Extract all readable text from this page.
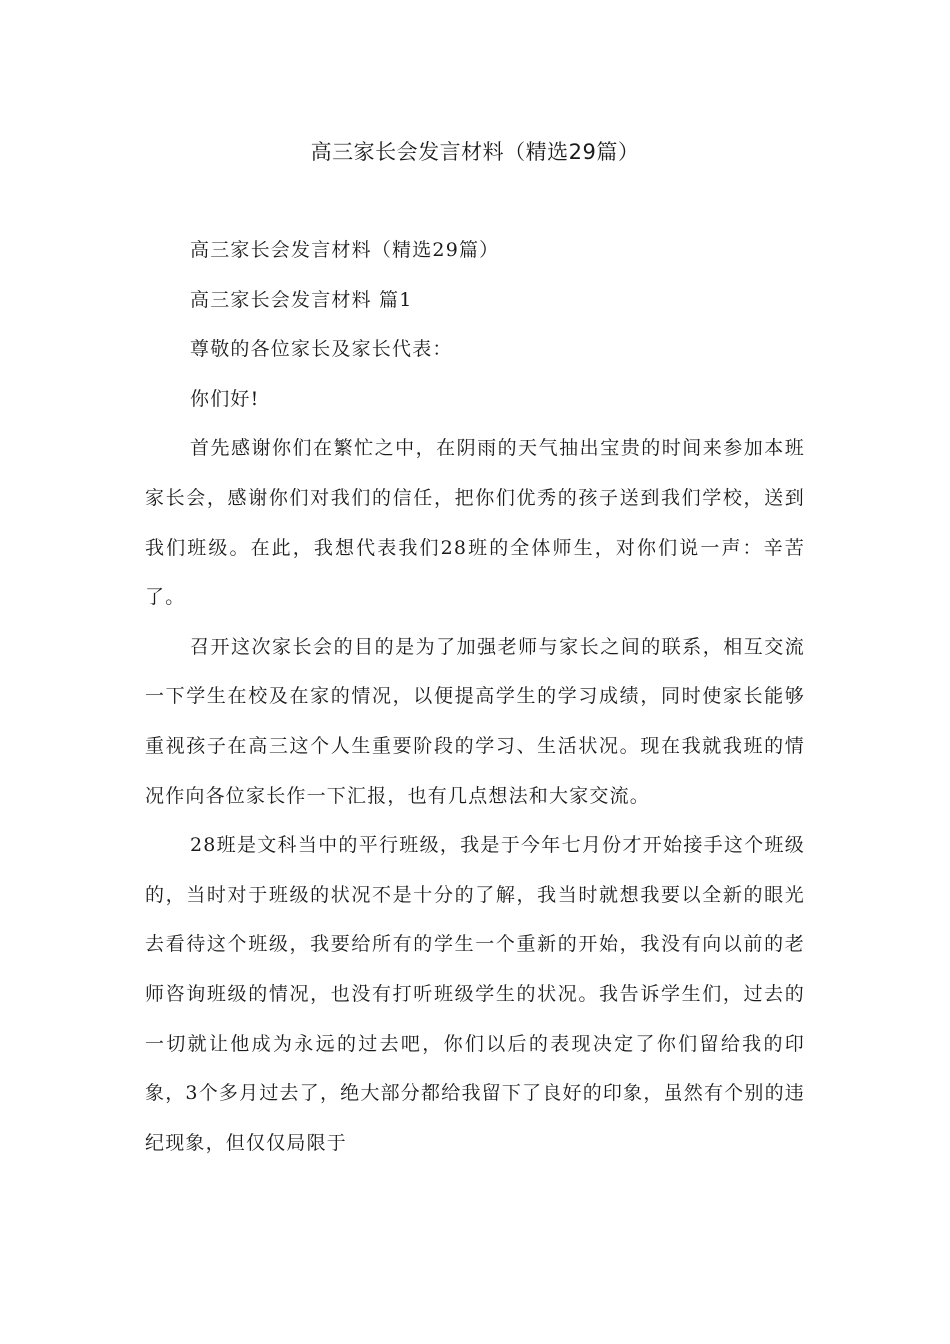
高三家长会发言材料（精选29篇）

高三家长会发言材料（精选29篇）

高三家长会发言材料 篇1

尊敬的各位家长及家长代表：

你们好!

首先感谢你们在繁忙之中，在阴雨的天气抽出宝贵的时间来参加本班家长会，感谢你们对我们的信任，把你们优秀的孩子送到我们学校，送到我们班级。在此，我想代表我们28班的全体师生，对你们说一声：辛苦了。

召开这次家长会的目的是为了加强老师与家长之间的联系，相互交流一下学生在校及在家的情况，以便提高学生的学习成绩，同时使家长能够重视孩子在高三这个人生重要阶段的学习、生活状况。现在我就我班的情况作向各位家长作一下汇报，也有几点想法和大家交流。

28班是文科当中的平行班级，我是于今年七月份才开始接手这个班级的，当时对于班级的状况不是十分的了解，我当时就想我要以全新的眼光去看待这个班级，我要给所有的学生一个重新的开始，我没有向以前的老师咨询班级的情况，也没有打听班级学生的状况。我告诉学生们，过去的一切就让他成为永远的过去吧，你们以后的表现决定了你们留给我的印象，3个多月过去了，绝大部分都给我留下了良好的印象，虽然有个别的违纪现象，但仅仅局限于
